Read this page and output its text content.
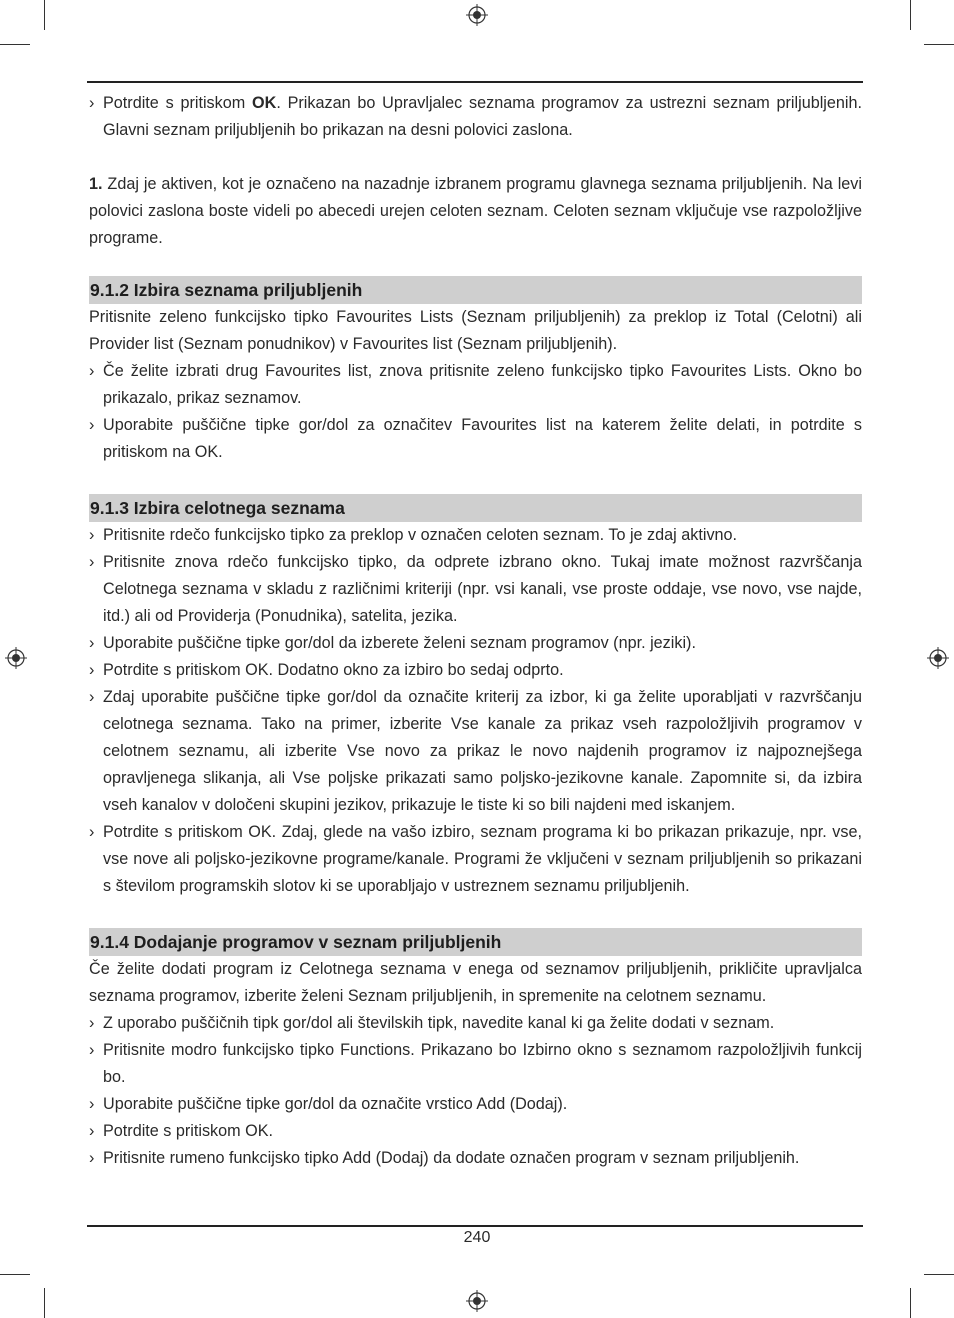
› Potrdite s pritiskom OK. Prikazan bo Upravljalec seznama programov za ustrezni seznam priljubljenih. Glavni seznam priljubljenih bo prikazan na desni polovici zaslona.

1. Zdaj je aktiven, kot je označeno na nazadnje izbranem programu glavnega seznama priljubljenih. Na levi polovici zaslona boste videli po abecedi urejen celoten seznam. Celoten seznam vključuje vse razpoložljive programe.

9.1.2 Izbira seznama priljubljenih

Pritisnite zeleno funkcijsko tipko Favourites Lists (Seznam priljubljenih) za preklop iz Total (Celotni) ali Provider list (Seznam ponudnikov) v Favourites list (Seznam priljubljenih).

› Če želite izbrati drug Favourites list, znova pritisnite zeleno funkcijsko tipko Favourites Lists. Okno bo prikazalo, prikaz seznamov.

› Uporabite puščične tipke gor/dol za označitev Favourites list na katerem želite delati, in potrdite s pritiskom na OK.

9.1.3 Izbira celotnega seznama

› Pritisnite rdečo funkcijsko tipko za preklop v označen celoten seznam. To je zdaj aktivno.

› Pritisnite znova rdečo funkcijsko tipko, da odprete izbrano okno. Tukaj imate možnost razvrščanja Celotnega seznama v skladu z različnimi kriteriji (npr. vsi kanali, vse proste oddaje, vse novo, vse najde, itd.) ali od Providerja (Ponudnika), satelita, jezika.

› Uporabite puščične tipke gor/dol da izberete želeni seznam programov (npr. jeziki).

› Potrdite s pritiskom OK. Dodatno okno za izbiro bo sedaj odprto.

› Zdaj uporabite puščične tipke gor/dol da označite kriterij za izbor, ki ga želite uporabljati v razvrščanju celotnega seznama. Tako na primer, izberite Vse kanale za prikaz vseh razpoložljivih programov v celotnem seznamu, ali izberite Vse novo za prikaz le novo najdenih programov iz najpoznejšega opravljenega slikanja, ali Vse poljske prikazati samo poljsko-jezikovne kanale. Zapomnite si, da izbira vseh kanalov v določeni skupini jezikov, prikazuje le tiste ki so bili najdeni med iskanjem.

› Potrdite s pritiskom OK. Zdaj, glede na vašo izbiro, seznam programa ki bo prikazan prikazuje, npr. vse, vse nove ali poljsko-jezikovne programe/kanale. Programi že vključeni v seznam priljubljenih so prikazani s številom programskih slotov ki se uporabljajo v ustreznem seznamu priljubljenih.

9.1.4 Dodajanje programov v seznam priljubljenih

Če želite dodati program iz Celotnega seznama v enega od seznamov priljubljenih, prikličite upravljalca seznama programov, izberite želeni Seznam priljubljenih, in spremenite na celotnem seznamu.

› Z uporabo puščičnih tipk gor/dol ali številskih tipk, navedite kanal ki ga želite dodati v seznam.

› Pritisnite modro funkcijsko tipko Functions. Prikazano bo Izbirno okno s seznamom razpoložljivih funkcij bo.

› Uporabite puščične tipke gor/dol da označite vrstico Add (Dodaj).

› Potrdite s pritiskom OK.

› Pritisnite rumeno funkcijsko tipko Add (Dodaj) da dodate označen program v seznam priljubljenih.

240
